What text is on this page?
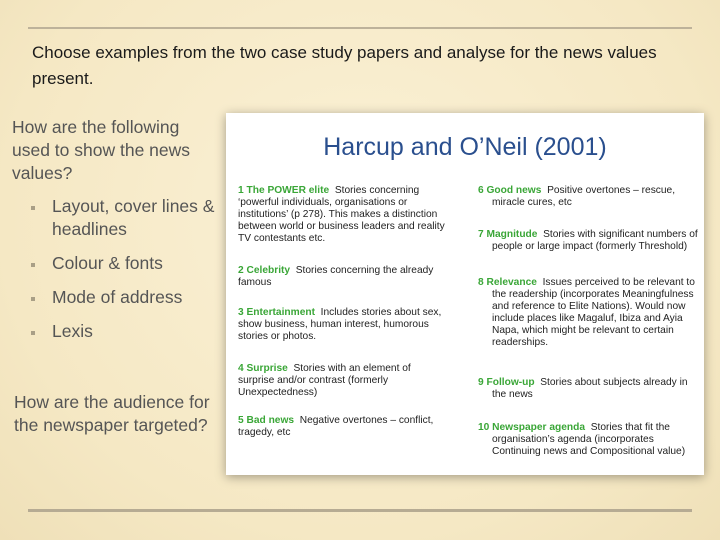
Choose examples from the two case study papers and analyse for the news values present.

How are the following used to show the news values?

Layout, cover lines & headlines
Colour & fonts
Mode of address
Lexis

How are the audience for the newspaper targeted?

Harcup and O’Neil (2001)
1 The POWER elite Stories concerning ‘powerful individuals, organisations or institutions’ (p 278). This makes a distinction between world or business leaders and reality TV contestants etc.
2 Celebrity Stories concerning the already famous
3 Entertainment Includes stories about sex, show business, human interest, humorous stories or photos.
4 Surprise Stories with an element of surprise and/or contrast (formerly Unexpectedness)
5 Bad news Negative overtones – conflict, tragedy, etc
6 Good news Positive overtones – rescue, miracle cures, etc
7 Magnitude Stories with significant numbers of people or large impact (formerly Threshold)
8 Relevance Issues perceived to be relevant to the readership (incorporates Meaningfulness and reference to Elite Nations). Would now include places like Magaluf, Ibiza and Ayia Napa, which might be relevant to certain readerships.
9 Follow-up Stories about subjects already in the news
10 Newspaper agenda Stories that fit the organisation’s agenda (incorporates Continuing news and Compositional value)
